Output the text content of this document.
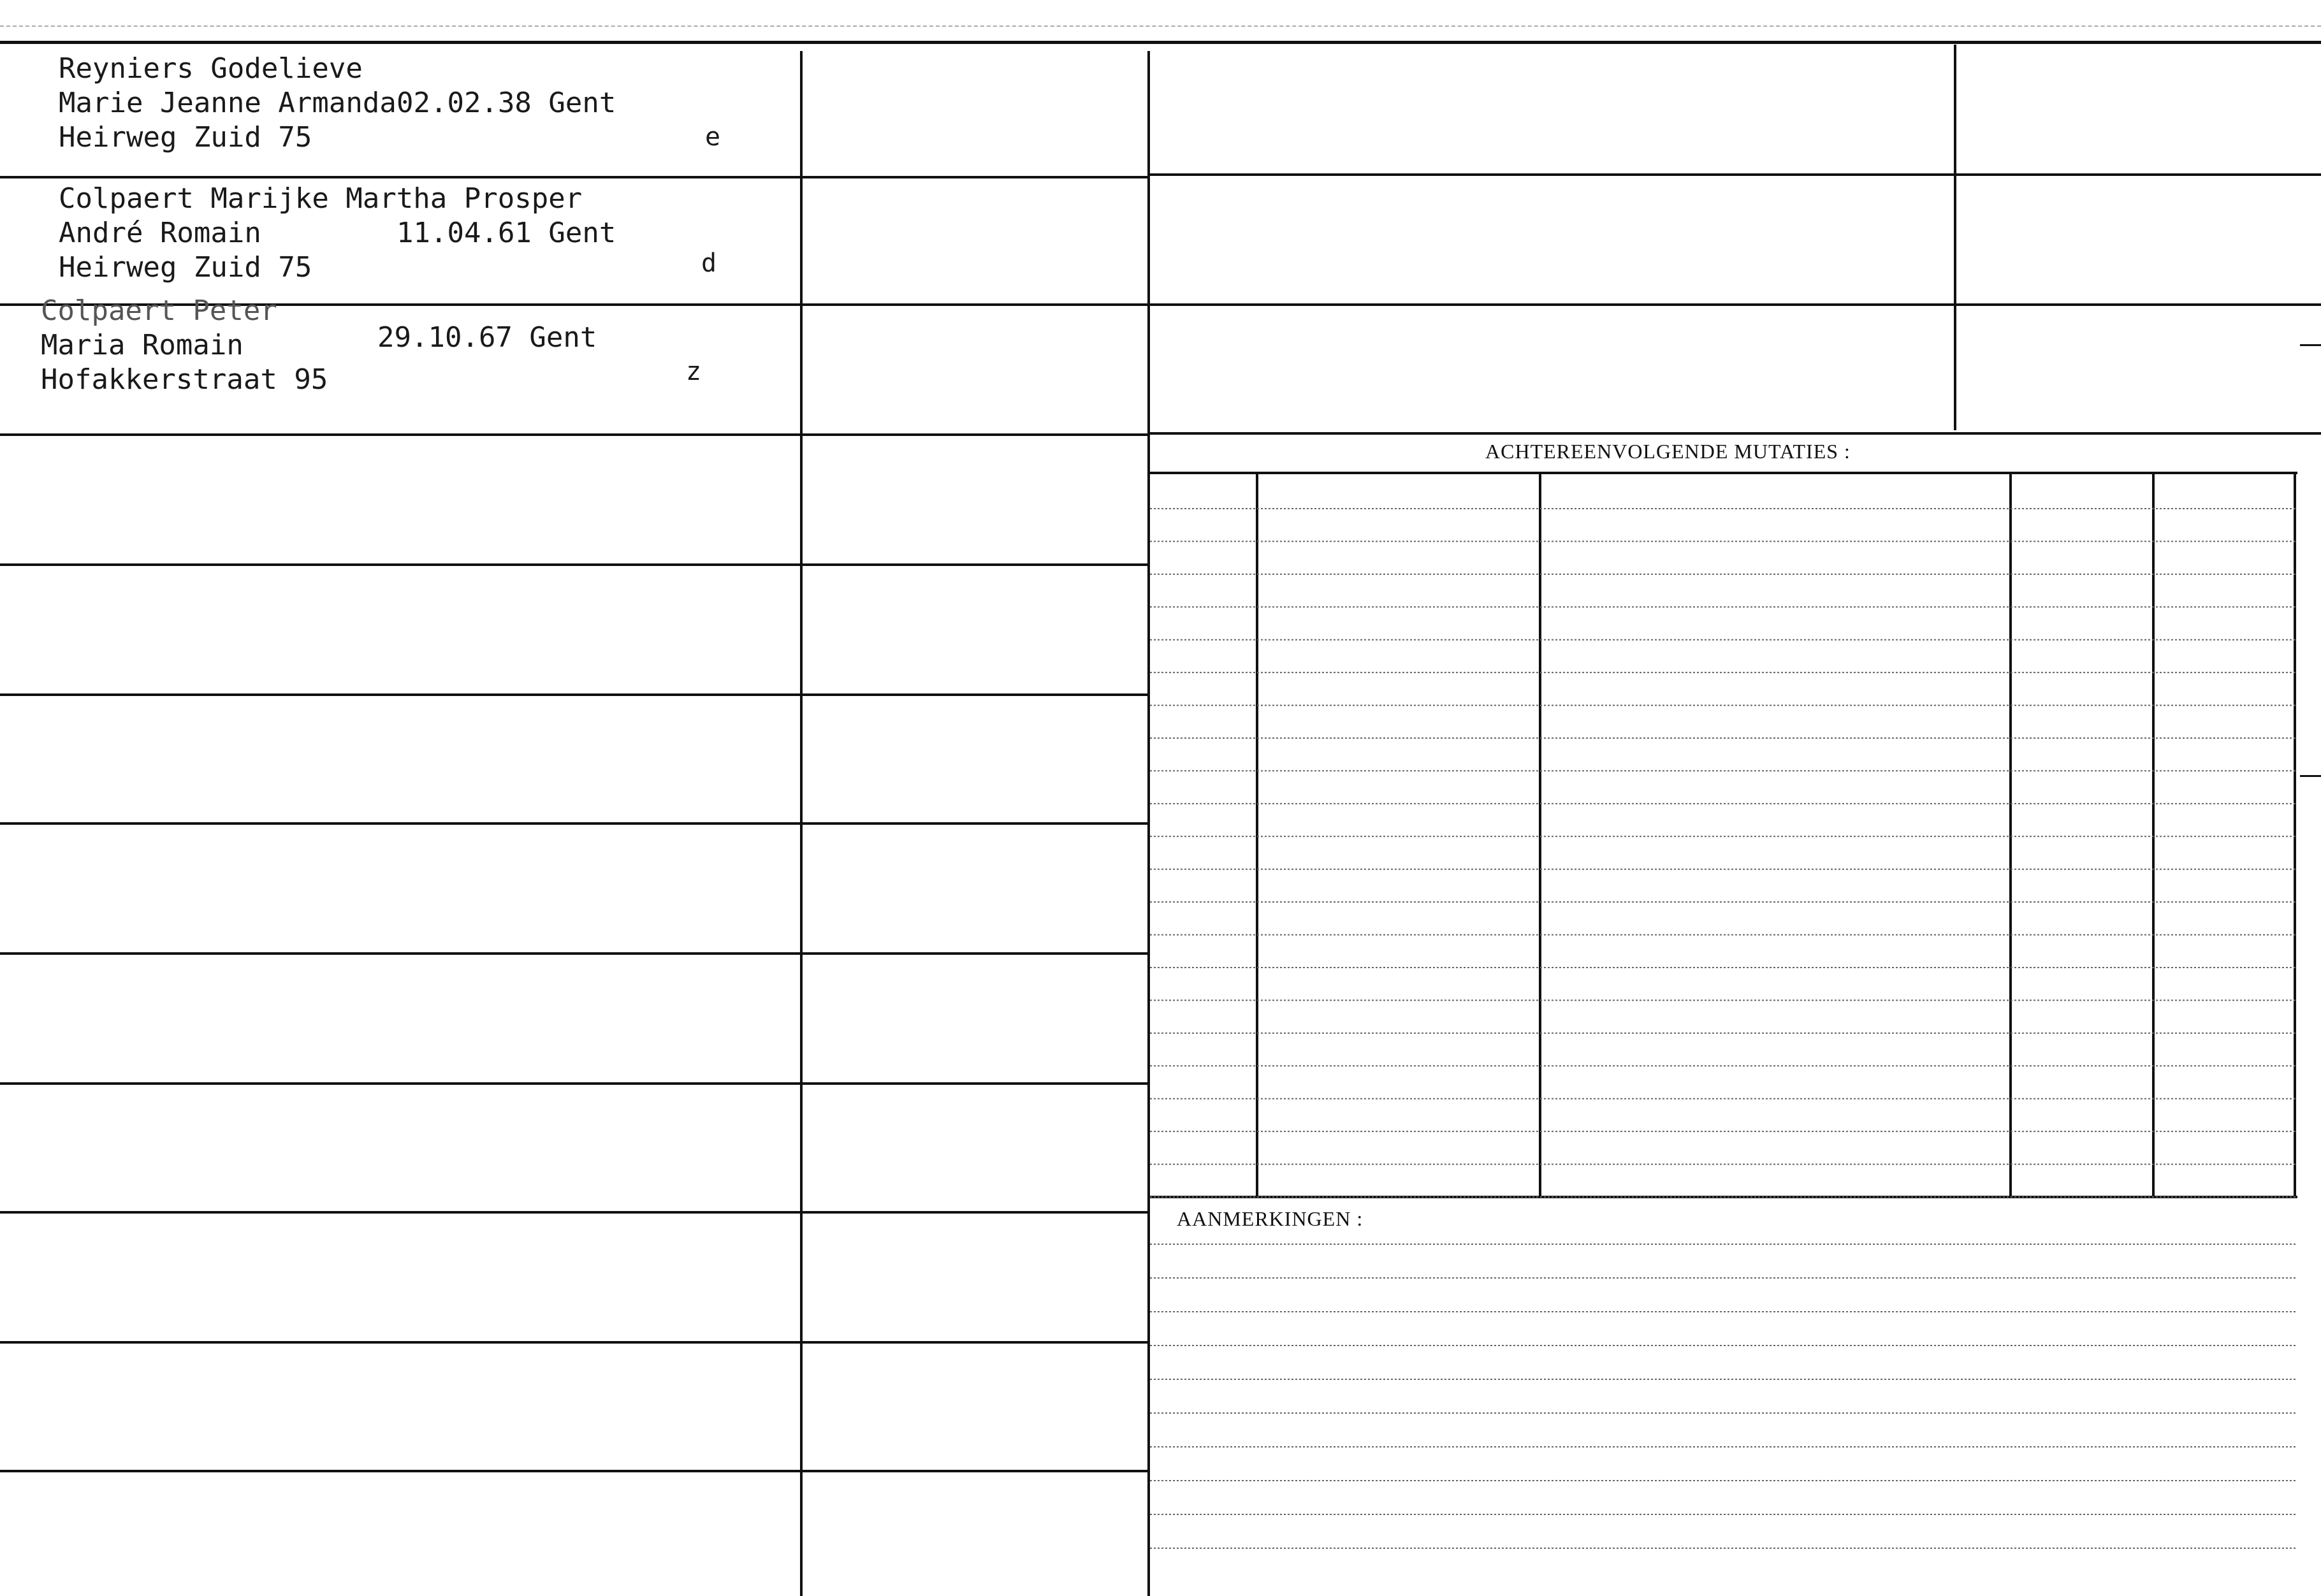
Reyniers Godelieve
Marie Jeanne Armanda 02.02.38 Gent
Heirweg Zuid 75	e
Colpaert Marijke Martha Prosper
André Romain	11.04.61 Gent
Heirweg Zuid 75	d
Colpaert Peter
Maria Romain	29.10.67 Gent
Hofakkerstraat 95	z
ACHTEREENVOLGENDE MUTATIES :
AANMERKINGEN :
